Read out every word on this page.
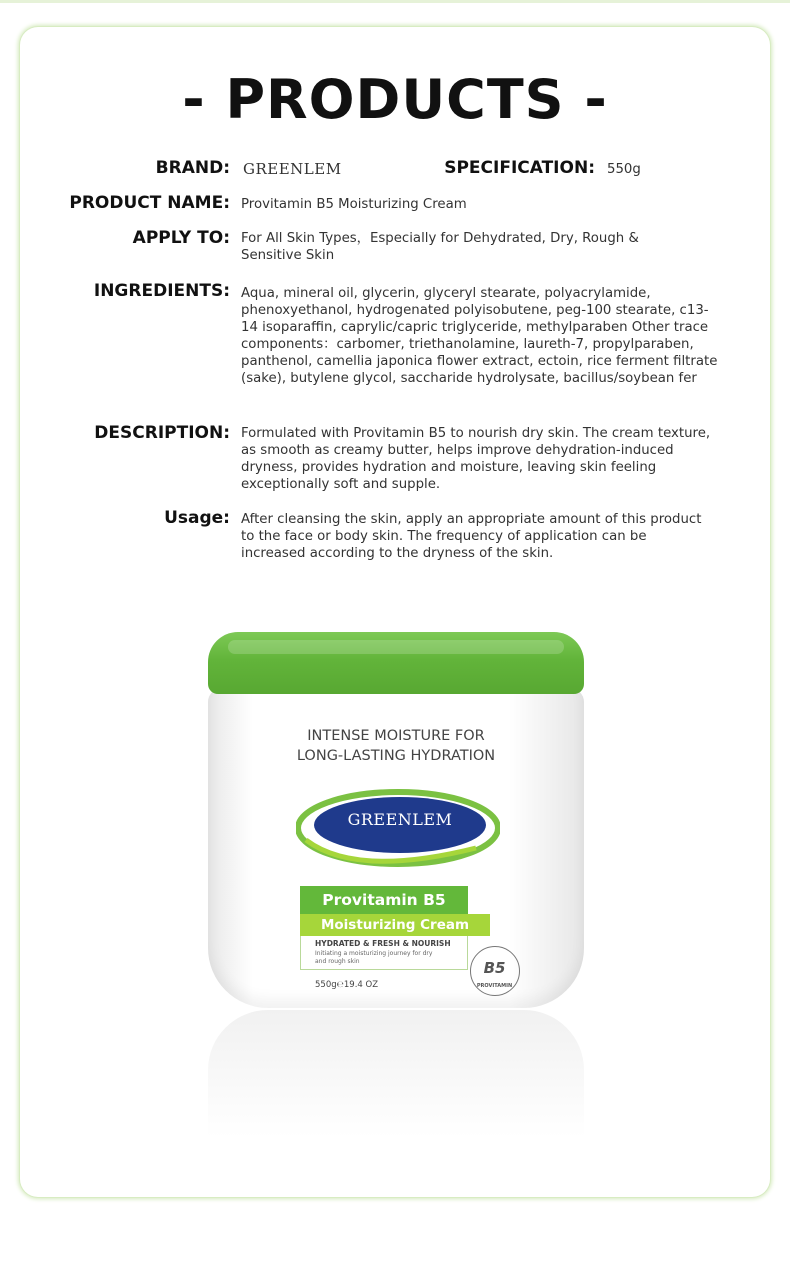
- PRODUCTS -
BRAND: GREENLEM	SPECIFICATION: 550g
PRODUCT NAME: Provitamin B5 Moisturizing Cream
APPLY TO: For All Skin Types，Especially for Dehydrated, Dry, Rough & Sensitive Skin
INGREDIENTS: Aqua, mineral oil, glycerin, glyceryl stearate, polyacrylamide, phenoxyethanol, hydrogenated polyisobutene, peg-100 stearate, c13-14 isoparaffin, caprylic/capric triglyceride, methylparaben Other trace components：carbomer, triethanolamine, laureth-7, propylparaben, panthenol, camellia japonica flower extract, ectoin, rice ferment filtrate (sake), butylene glycol, saccharide hydrolysate, bacillus/soybean fer
DESCRIPTION: Formulated with Provitamin B5 to nourish dry skin. The cream texture, as smooth as creamy butter, helps improve dehydration-induced dryness, provides hydration and moisture, leaving skin feeling exceptionally soft and supple.
Usage: After cleansing the skin, apply an appropriate amount of this product to the face or body skin. The frequency of application can be increased according to the dryness of the skin.
INTENSE MOISTURE FOR
LONG-LASTING HYDRATION
GREENLEM
Provitamin B5
Moisturizing Cream
HYDRATED & FRESH & NOURISH
Initiating a moisturizing journey for dry and rough skin
550g℮19.4 OZ
B5
PROVITAMIN
